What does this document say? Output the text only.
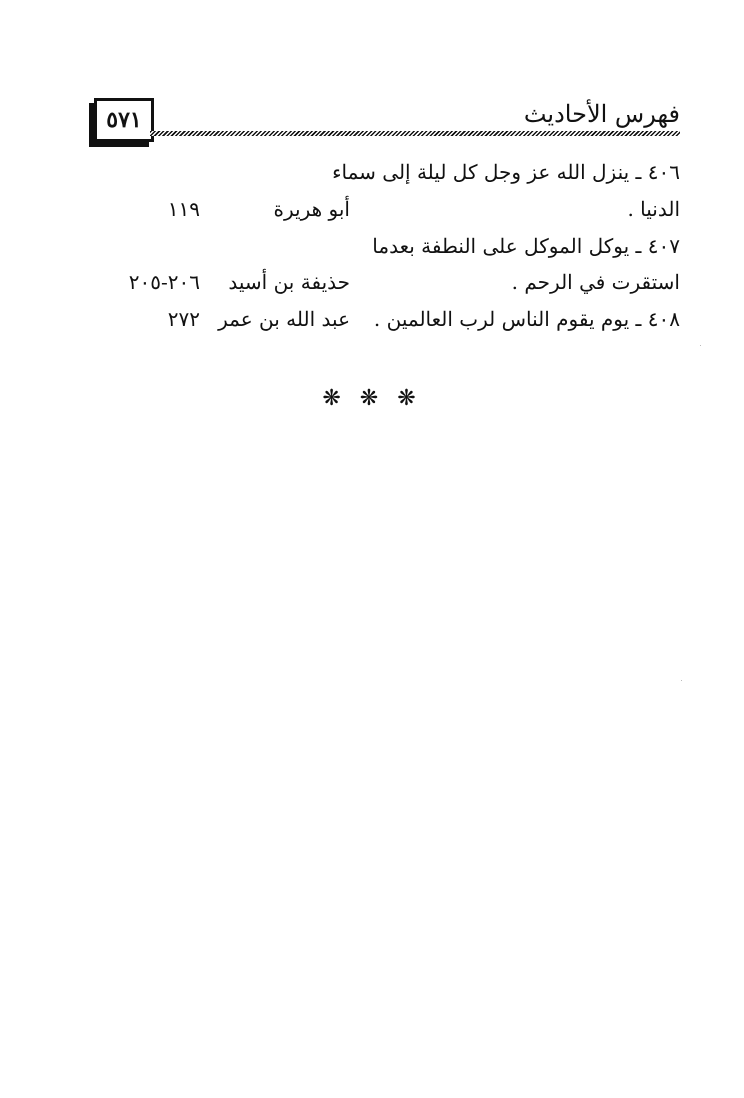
٥٧١	فهرس الأحاديث
٤٠٦ ـ ينزل الله عز وجل كل ليلة إلى سماء
الدنيا .
أبو هريرة
١١٩
٤٠٧ ـ يوكل الموكل على النطفة بعدما
استقرت في الرحم .
حذيفة بن أسيد
٢٠٦-٢٠٥
٤٠٨ ـ يوم يقوم الناس لرب العالمين .
عبد الله بن عمر
٢٧٢
❋ ❋ ❋
